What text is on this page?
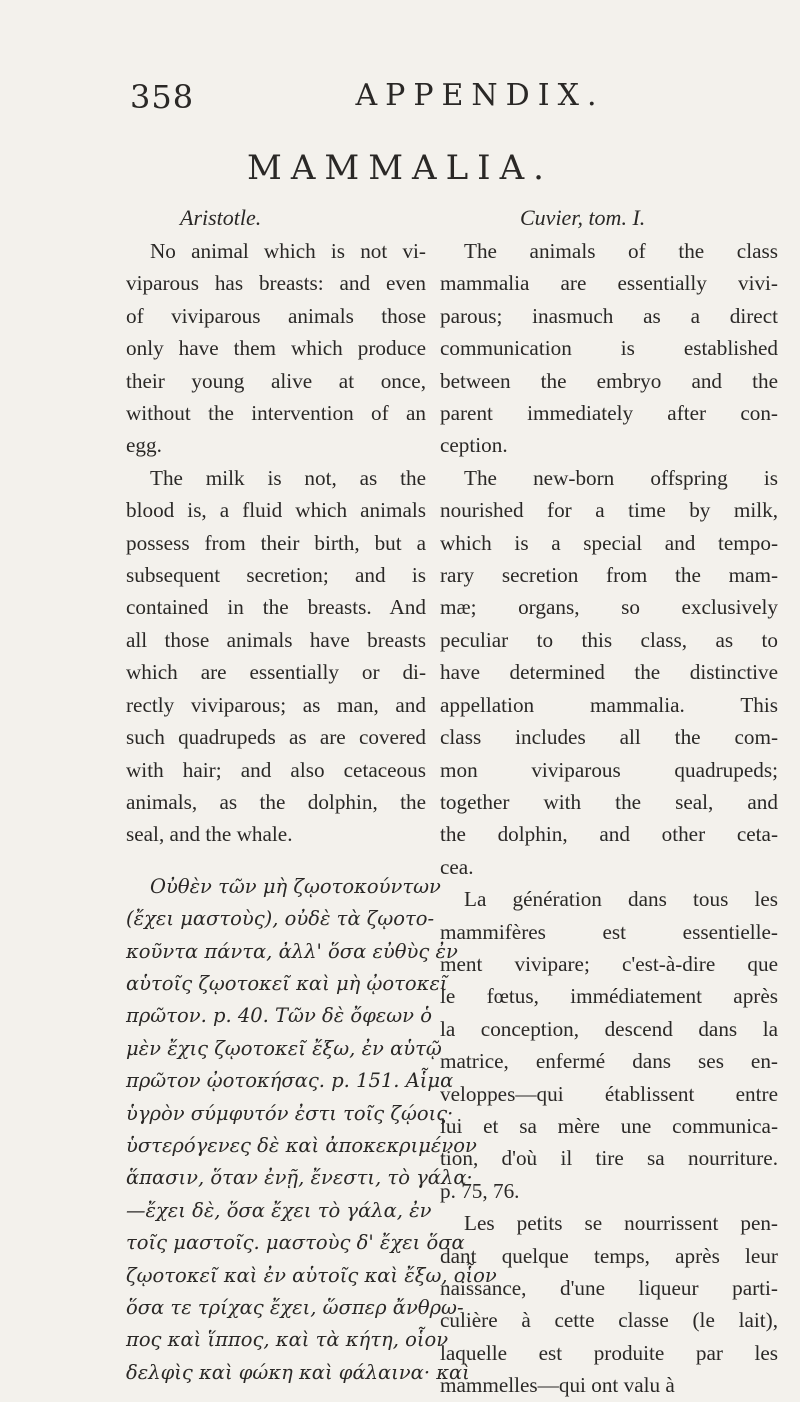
358	APPENDIX.
MAMMALIA.
Aristotle.
No animal which is not vi-
viparous has breasts: and even
of viviparous animals those
only have them which produce
their young alive at once,
without the intervention of an
egg.
The milk is not, as the
blood is, a fluid which animals
possess from their birth, but a
subsequent secretion; and is
contained in the breasts. And
all those animals have breasts
which are essentially or di-
rectly viviparous; as man, and
such quadrupeds as are covered
with hair; and also cetaceous
animals, as the dolphin, the
seal, and the whale.
Οὐθὲν τῶν μὴ ζῳοτοκούντων
(ἔχει μαστοὺς), οὐδὲ τὰ ζῳοτο-
κοῦντα πάντα, ἀλλ' ὅσα εὐθὺς ἐν
αὑτοῖς ζῳοτοκεῖ καὶ μὴ ᾠοτοκεῖ
πρῶτον. p. 40. Τῶν δὲ ὄφεων ὁ
μὲν ἔχις ζῳοτοκεῖ ἔξω, ἐν αὑτῷ
πρῶτον ᾠοτοκήσας. p. 151. Αἷμα
ὑγρὸν σύμφυτόν ἐστι τοῖς ζῴοις·
ὑστερόγενες δὲ καὶ ἀποκεκριμένον
ἅπασιν, ὅταν ἐνῇ, ἔνεστι, τὸ γάλα·
—ἔχει δὲ, ὅσα ἔχει τὸ γάλα, ἐν
τοῖς μαστοῖς. μαστοὺς δ' ἔχει ὅσα
ζῳοτοκεῖ καὶ ἐν αὑτοῖς καὶ ἔξω, οἷον
ὅσα τε τρίχας ἔχει, ὥσπερ ἄνθρω-
πος καὶ ἵππος, καὶ τὰ κήτη, οἷον
δελφὶς καὶ φώκη καὶ φάλαινα· καὶ
Cuvier, tom. I.
The animals of the class
mammalia are essentially vivi-
parous; inasmuch as a direct
communication is established
between the embryo and the
parent immediately after con-
ception.
The new-born offspring is
nourished for a time by milk,
which is a special and tempo-
rary secretion from the mam-
mæ; organs, so exclusively
peculiar to this class, as to
have determined the distinctive
appellation mammalia. This
class includes all the com-
mon viviparous quadrupeds;
together with the seal, and
the dolphin, and other ceta-
cea.
La génération dans tous les
mammifères est essentielle-
ment vivipare; c'est-à-dire que
le fœtus, immédiatement après
la conception, descend dans la
matrice, enfermé dans ses en-
veloppes—qui établissent entre
lui et sa mère une communica-
tion, d'où il tire sa nourriture.
p. 75, 76.
Les petits se nourrissent pen-
dant quelque temps, après leur
naissance, d'une liqueur parti-
culière à cette classe (le lait),
laquelle est produite par les
mammelles—qui ont valu à
